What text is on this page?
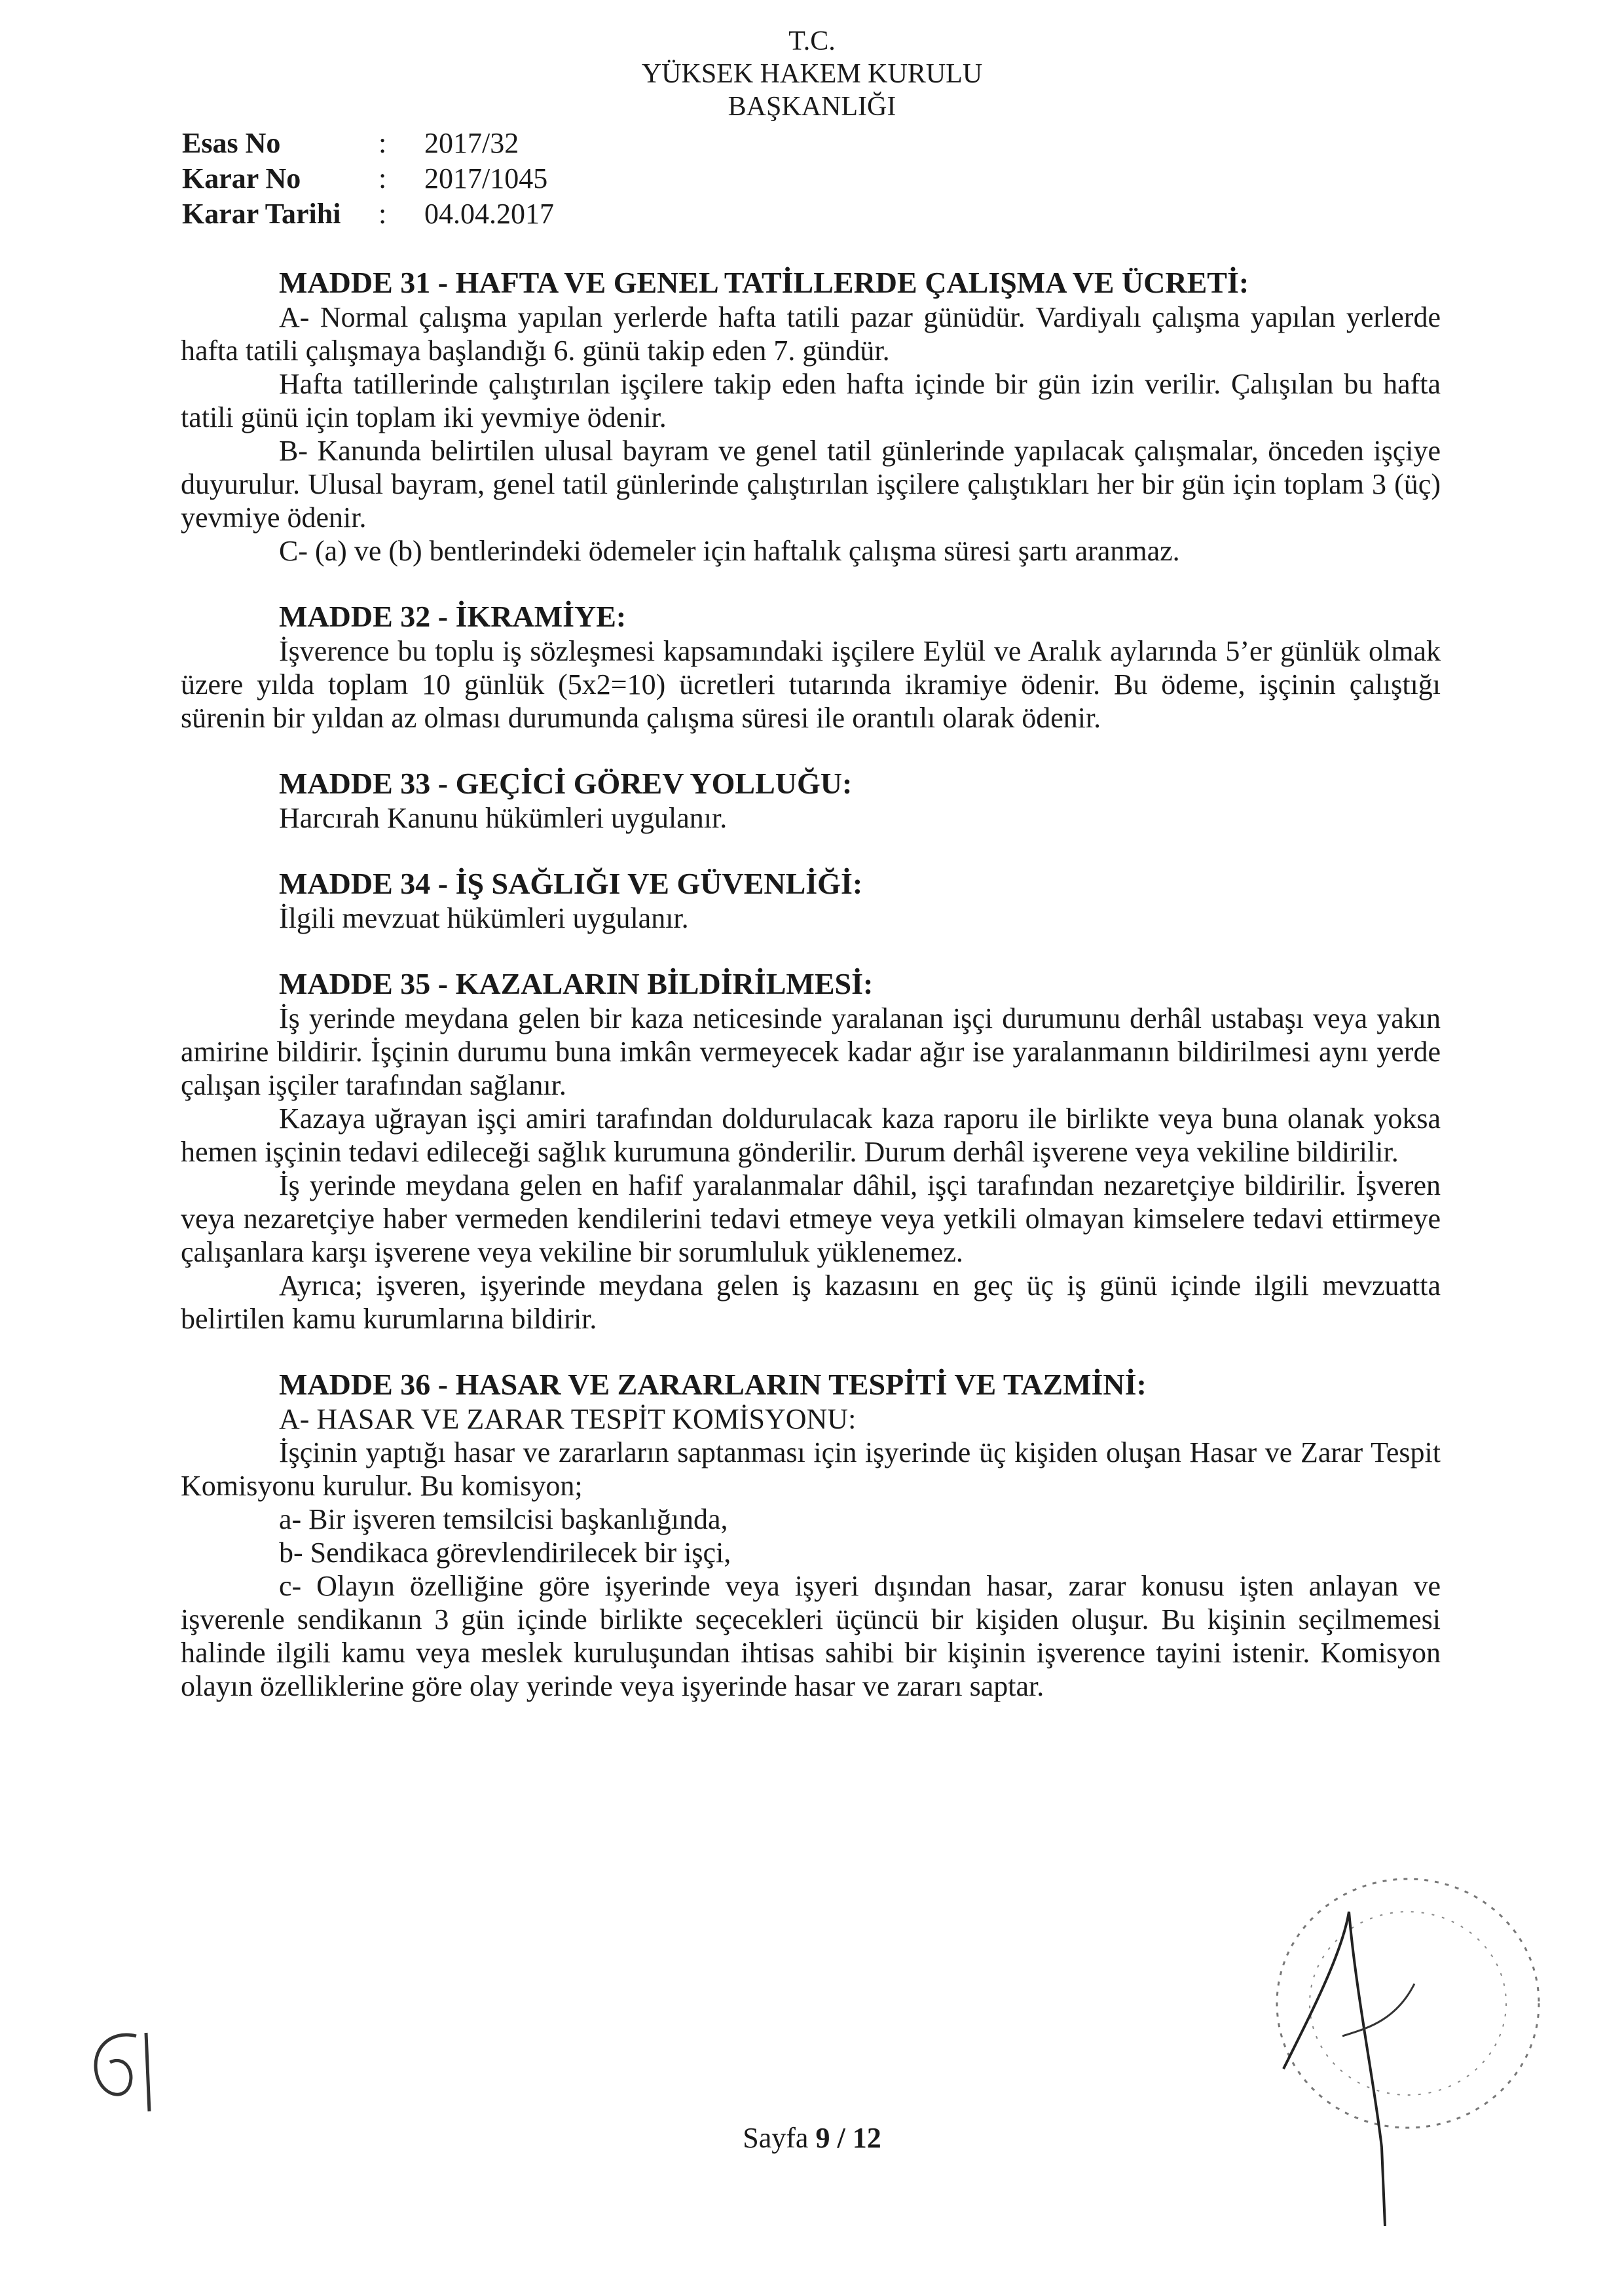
T.C.
YÜKSEK HAKEM KURULU
BAŞKANLIĞI
Esas No	:	2017/32
Karar No	:	2017/1045
Karar Tarihi	:	04.04.2017
MADDE 31 - HAFTA VE GENEL TATİLLERDE ÇALIŞMA VE ÜCRETİ:

A- Normal çalışma yapılan yerlerde hafta tatili pazar günüdür. Vardiyalı çalışma yapılan yerlerde hafta tatili çalışmaya başlandığı 6. günü takip eden 7. gündür.

Hafta tatillerinde çalıştırılan işçilere takip eden hafta içinde bir gün izin verilir. Çalışılan bu hafta tatili günü için toplam iki yevmiye ödenir.

B- Kanunda belirtilen ulusal bayram ve genel tatil günlerinde yapılacak çalışmalar, önceden işçiye duyurulur. Ulusal bayram, genel tatil günlerinde çalıştırılan işçilere çalıştıkları her bir gün için toplam 3 (üç) yevmiye ödenir.

C- (a) ve (b) bentlerindeki ödemeler için haftalık çalışma süresi şartı aranmaz.

MADDE 32 - İKRAMİYE:

İşverence bu toplu iş sözleşmesi kapsamındaki işçilere Eylül ve Aralık aylarında 5’er günlük olmak üzere yılda toplam 10 günlük (5x2=10) ücretleri tutarında ikramiye ödenir. Bu ödeme, işçinin çalıştığı sürenin bir yıldan az olması durumunda çalışma süresi ile orantılı olarak ödenir.

MADDE 33 - GEÇİCİ GÖREV YOLLUĞU:

Harcırah Kanunu hükümleri uygulanır.

MADDE 34 - İŞ SAĞLIĞI VE GÜVENLİĞİ:

İlgili mevzuat hükümleri uygulanır.

MADDE 35 - KAZALARIN BİLDİRİLMESİ:

İş yerinde meydana gelen bir kaza neticesinde yaralanan işçi durumunu derhâl ustabaşı veya yakın amirine bildirir. İşçinin durumu buna imkân vermeyecek kadar ağır ise yaralanmanın bildirilmesi aynı yerde çalışan işçiler tarafından sağlanır.

Kazaya uğrayan işçi amiri tarafından doldurulacak kaza raporu ile birlikte veya buna olanak yoksa hemen işçinin tedavi edileceği sağlık kurumuna gönderilir. Durum derhâl işverene veya vekiline bildirilir.

İş yerinde meydana gelen en hafif yaralanmalar dâhil, işçi tarafından nezaretçiye bildirilir. İşveren veya nezaretçiye haber vermeden kendilerini tedavi etmeye veya yetkili olmayan kimselere tedavi ettirmeye çalışanlara karşı işverene veya vekiline bir sorumluluk yüklenemez.

Ayrıca; işveren, işyerinde meydana gelen iş kazasını en geç üç iş günü içinde ilgili mevzuatta belirtilen kamu kurumlarına bildirir.

MADDE 36 - HASAR VE ZARARLARIN TESPİTİ VE TAZMİNİ:

A- HASAR VE ZARAR TESPİT KOMİSYONU:

İşçinin yaptığı hasar ve zararların saptanması için işyerinde üç kişiden oluşan Hasar ve Zarar Tespit Komisyonu kurulur. Bu komisyon;

a- Bir işveren temsilcisi başkanlığında,

b- Sendikaca görevlendirilecek bir işçi,

c- Olayın özelliğine göre işyerinde veya işyeri dışından hasar, zarar konusu işten anlayan ve işverenle sendikanın 3 gün içinde birlikte seçecekleri üçüncü bir kişiden oluşur. Bu kişinin seçilmemesi halinde ilgili kamu veya meslek kuruluşundan ihtisas sahibi bir kişinin işverence tayini istenir. Komisyon olayın özelliklerine göre olay yerinde veya işyerinde hasar ve zararı saptar.

Sayfa 9 / 12
